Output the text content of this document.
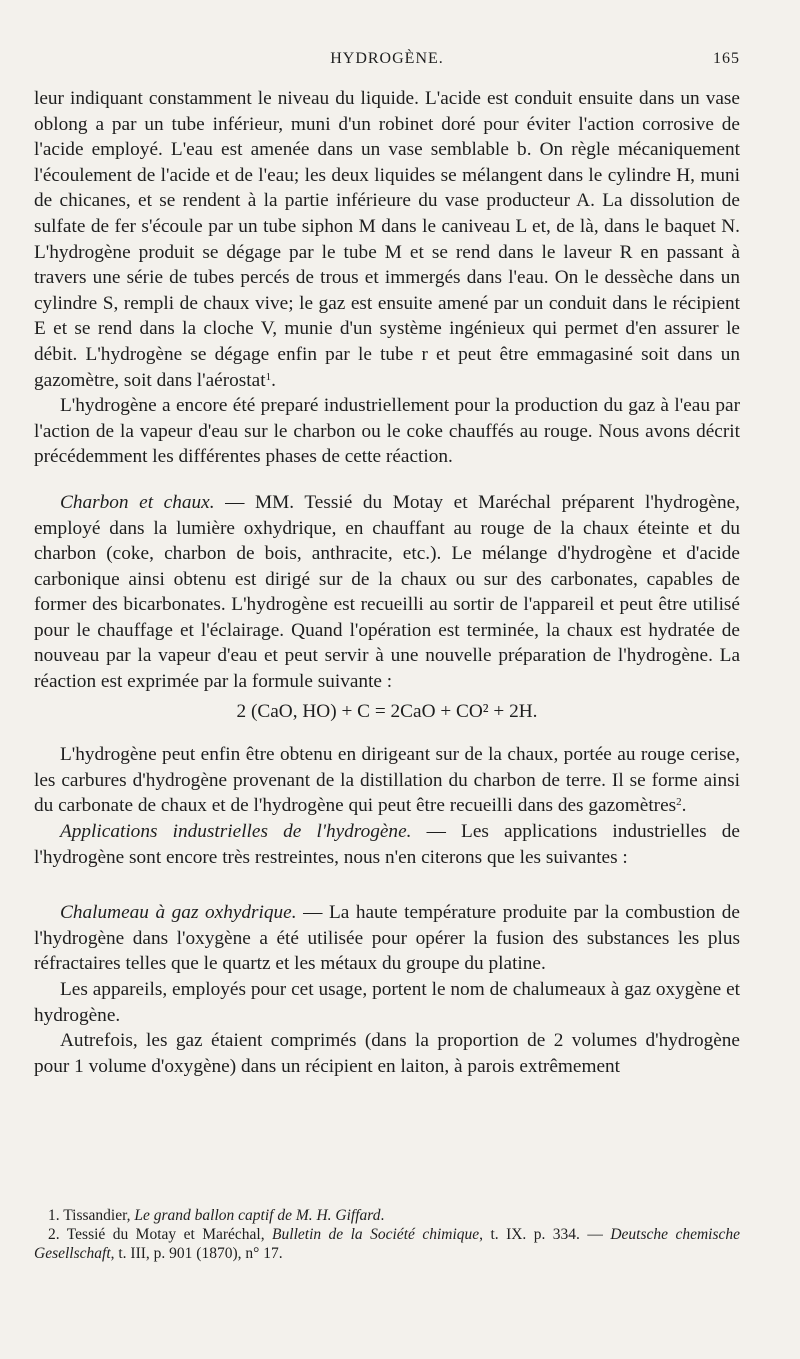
HYDROGÈNE.	165

leur indiquant constamment le niveau du liquide. L'acide est conduit ensuite dans un vase oblong a par un tube inférieur, muni d'un robinet doré pour éviter l'action corrosive de l'acide employé. L'eau est amenée dans un vase semblable b. On règle mécaniquement l'écoulement de l'acide et de l'eau; les deux liquides se mélangent dans le cylindre H, muni de chicanes, et se rendent à la partie inférieure du vase producteur A. La dissolution de sulfate de fer s'écoule par un tube siphon M dans le caniveau L et, de là, dans le baquet N. L'hydrogène produit se dégage par le tube M et se rend dans le laveur R en passant à travers une série de tubes percés de trous et immergés dans l'eau. On le dessèche dans un cylindre S, rempli de chaux vive; le gaz est ensuite amené par un conduit dans le récipient E et se rend dans la cloche V, munie d'un système ingénieux qui permet d'en assurer le débit. L'hydrogène se dégage enfin par le tube r et peut être emmagasiné soit dans un gazomètre, soit dans l'aérostat$^1$.

L'hydrogène a encore été preparé industriellement pour la production du gaz à l'eau par l'action de la vapeur d'eau sur le charbon ou le coke chauffés au rouge. Nous avons décrit précédemment les différentes phases de cette réaction.

Charbon et chaux. — MM. Tessié du Motay et Maréchal préparent l'hydrogène, employé dans la lumière oxhydrique, en chauffant au rouge de la chaux éteinte et du charbon (coke, charbon de bois, anthracite, etc.). Le mélange d'hydrogène et d'acide carbonique ainsi obtenu est dirigé sur de la chaux ou sur des carbonates, capables de former des bicarbonates. L'hydrogène est recueilli au sortir de l'appareil et peut être utilisé pour le chauffage et l'éclairage. Quand l'opération est terminée, la chaux est hydratée de nouveau par la vapeur d'eau et peut servir à une nouvelle préparation de l'hydrogène. La réaction est exprimée par la formule suivante :

2 (CaO, HO) + C = 2CaO + CO² + 2H.

L'hydrogène peut enfin être obtenu en dirigeant sur de la chaux, portée au rouge cerise, les carbures d'hydrogène provenant de la distillation du charbon de terre. Il se forme ainsi du carbonate de chaux et de l'hydrogène qui peut être recueilli dans des gazomètres$^2$.

Applications industrielles de l'hydrogène. — Les applications industrielles de l'hydrogène sont encore très restreintes, nous n'en citerons que les suivantes :

Chalumeau à gaz oxhydrique. — La haute température produite par la combustion de l'hydrogène dans l'oxygène a été utilisée pour opérer la fusion des substances les plus réfractaires telles que le quartz et les métaux du groupe du platine.

Les appareils, employés pour cet usage, portent le nom de chalumeaux à gaz oxygène et hydrogène.

Autrefois, les gaz étaient comprimés (dans la proportion de 2 volumes d'hydrogène pour 1 volume d'oxygène) dans un récipient en laiton, à parois extrêmement

1. Tissandier, Le grand ballon captif de M. H. Giffard.

2. Tessié du Motay et Maréchal, Bulletin de la Société chimique, t. IX. p. 334. — Deutsche chemische Gesellschaft, t. III, p. 901 (1870), n° 17.
